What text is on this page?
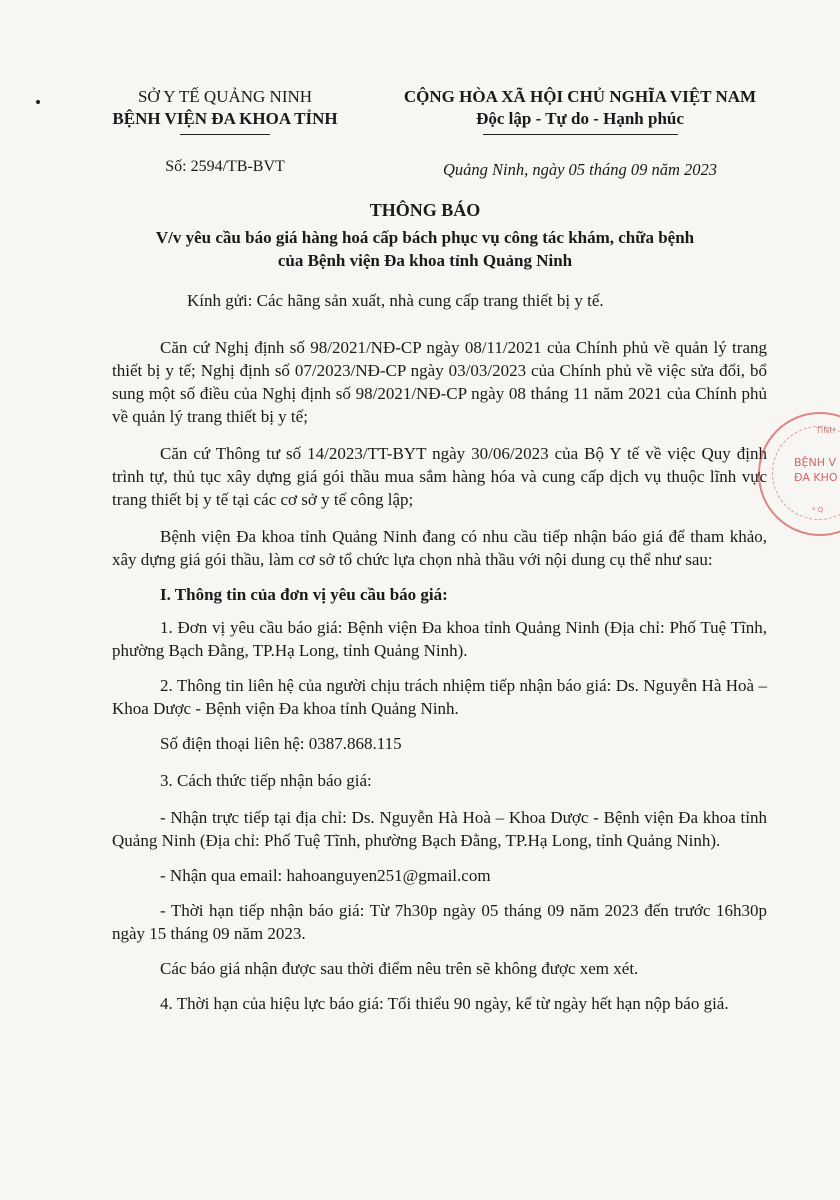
SỞ Y TẾ QUẢNG NINH
BỆNH VIỆN ĐA KHOA TỈNH
CỘNG HÒA XÃ HỘI CHỦ NGHĨA VIỆT NAM
Độc lập - Tự do - Hạnh phúc
Số: 2594/TB-BVT	Quảng Ninh, ngày 05 tháng 09 năm 2023
THÔNG BÁO
V/v yêu cầu báo giá hàng hoá cấp bách phục vụ công tác khám, chữa bệnh
của Bệnh viện Đa khoa tỉnh Quảng Ninh
Kính gửi: Các hãng sản xuất, nhà cung cấp trang thiết bị y tế.

Căn cứ Nghị định số 98/2021/NĐ-CP ngày 08/11/2021 của Chính phủ về quản lý trang thiết bị y tế; Nghị định số 07/2023/NĐ-CP ngày 03/03/2023 của Chính phủ về việc sửa đổi, bổ sung một số điều của Nghị định số 98/2021/NĐ-CP ngày 08 tháng 11 năm 2021 của Chính phủ về quản lý trang thiết bị y tế;

Căn cứ Thông tư số 14/2023/TT-BYT ngày 30/06/2023 của Bộ Y tế về việc Quy định trình tự, thủ tục xây dựng giá gói thầu mua sắm hàng hóa và cung cấp dịch vụ thuộc lĩnh vực trang thiết bị y tế tại các cơ sở y tế công lập;

Bệnh viện Đa khoa tỉnh Quảng Ninh đang có nhu cầu tiếp nhận báo giá để tham khảo, xây dựng giá gói thầu, làm cơ sở tổ chức lựa chọn nhà thầu với nội dung cụ thể như sau:

I. Thông tin của đơn vị yêu cầu báo giá:

1. Đơn vị yêu cầu báo giá: Bệnh viện Đa khoa tỉnh Quảng Ninh (Địa chỉ: Phố Tuệ Tĩnh, phường Bạch Đằng, TP.Hạ Long, tỉnh Quảng Ninh).

2. Thông tin liên hệ của người chịu trách nhiệm tiếp nhận báo giá: Ds. Nguyễn Hà Hoà – Khoa Dược - Bệnh viện Đa khoa tỉnh Quảng Ninh.

Số điện thoại liên hệ: 0387.868.115

3. Cách thức tiếp nhận báo giá:

- Nhận trực tiếp tại địa chỉ: Ds. Nguyễn Hà Hoà – Khoa Dược - Bệnh viện Đa khoa tỉnh Quảng Ninh (Địa chỉ: Phố Tuệ Tĩnh, phường Bạch Đằng, TP.Hạ Long, tỉnh Quảng Ninh).

- Nhận qua email: hahoanguyen251@gmail.com

- Thời hạn tiếp nhận báo giá: Từ 7h30p ngày 05 tháng 09 năm 2023 đến trước 16h30p ngày 15 tháng 09 năm 2023.

Các báo giá nhận được sau thời điểm nêu trên sẽ không được xem xét.

4. Thời hạn của hiệu lực báo giá: Tối thiểu 90 ngày, kể từ ngày hết hạn nộp báo giá.

TỈNH
BỆNH V
ĐA KHO
* Q
